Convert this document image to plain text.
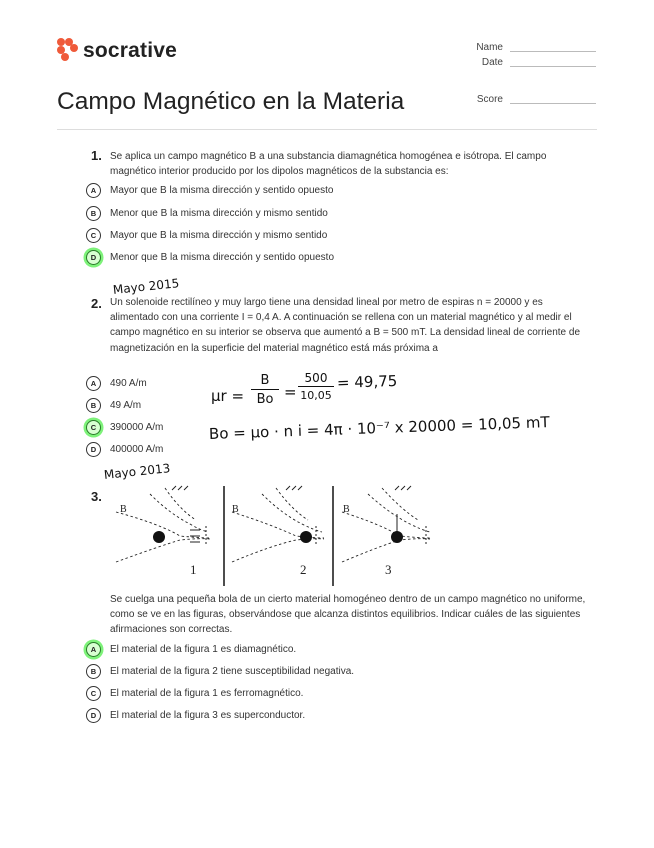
socrative
Campo Magnético en la Materia
Name
Date
Score
1. Se aplica un campo magnético B a una substancia diamagnética homogénea e isótropa. El campo magnético interior producido por los dipolos magnéticos de la substancia es:
A	Mayor que B la misma dirección y sentido opuesto
B	Menor que B la misma dirección y mismo sentido
C	Mayor que B la misma dirección y mismo sentido
D	Menor que B la misma dirección y sentido opuesto
Mayo 2015
2. Un solenoide rectilíneo y muy largo tiene una densidad lineal por metro de espiras n = 20000 y es alimentado con una corriente I = 0,4 A. A continuación se rellena con un material magnético y al medir el campo magnético en su interior se observa que aumentó a B = 500 mT. La densidad lineal de corriente de magnetización en la superficie del material magnético está más próxima a
A	490 A/m
B	49 A/m
C	390000 A/m
D	400000 A/m
μr =
B
Bo =
500
10,05
= 49,75
Bo = μo · n i = 4π · 10⁻⁷ x 20000 = 10,05 mT
Mayo 2013
3.
B	B	B
1	2	3
Se cuelga una pequeña bola de un cierto material homogéneo dentro de un campo magnético no uniforme, como se ve en las figuras, observándose que alcanza distintos equilibrios. Indicar cuáles de las siguientes afirmaciones son correctas.
A	El material de la figura 1 es diamagnético.
B	El material de la figura 2 tiene susceptibilidad negativa.
C	El material de la figura 1 es ferromagnético.
D	El material de la figura 3 es superconductor.
